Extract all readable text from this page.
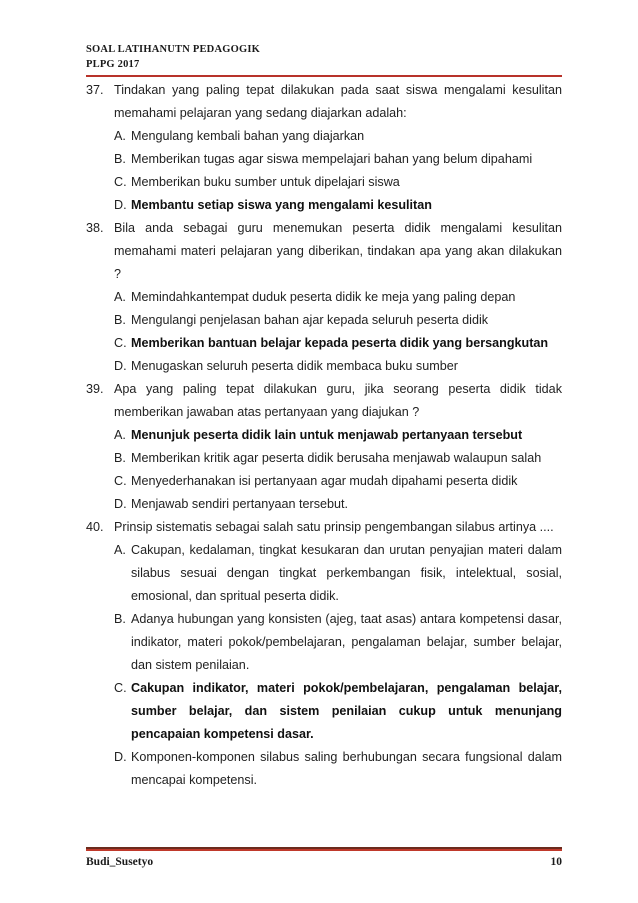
SOAL LATIHANUTN PEDAGOGIK
PLPG 2017
37. Tindakan yang paling tepat dilakukan pada saat siswa mengalami kesulitan memahami pelajaran yang sedang diajarkan adalah:
A. Mengulang kembali bahan yang diajarkan
B. Memberikan tugas agar siswa mempelajari bahan yang belum dipahami
C. Memberikan buku sumber untuk dipelajari siswa
D. Membantu setiap siswa yang mengalami kesulitan
38. Bila anda sebagai guru menemukan peserta didik mengalami kesulitan memahami materi pelajaran yang diberikan, tindakan apa yang akan dilakukan ?
A. Memindahkantempat duduk peserta didik ke meja yang paling depan
B. Mengulangi penjelasan bahan ajar kepada seluruh peserta didik
C. Memberikan bantuan belajar kepada peserta didik yang bersangkutan
D. Menugaskan seluruh peserta didik membaca buku sumber
39. Apa yang paling tepat dilakukan guru, jika seorang peserta didik tidak memberikan jawaban atas pertanyaan yang diajukan ?
A. Menunjuk peserta didik lain untuk menjawab pertanyaan tersebut
B. Memberikan kritik agar peserta didik berusaha menjawab walaupun salah
C. Menyederhanakan isi pertanyaan agar mudah dipahami peserta didik
D. Menjawab sendiri pertanyaan tersebut.
40. Prinsip sistematis sebagai salah satu prinsip pengembangan silabus artinya ....
A. Cakupan, kedalaman, tingkat kesukaran dan urutan penyajian materi dalam silabus sesuai dengan tingkat perkembangan fisik, intelektual, sosial, emosional, dan spritual peserta didik.
B. Adanya hubungan yang konsisten (ajeg, taat asas) antara kompetensi dasar, indikator, materi pokok/pembelajaran, pengalaman belajar, sumber belajar, dan sistem penilaian.
C. Cakupan indikator, materi pokok/pembelajaran, pengalaman belajar, sumber belajar, dan sistem penilaian cukup untuk menunjang pencapaian kompetensi dasar.
D. Komponen-komponen silabus saling berhubungan secara fungsional dalam mencapai kompetensi.
Budi_Susetyo	10
